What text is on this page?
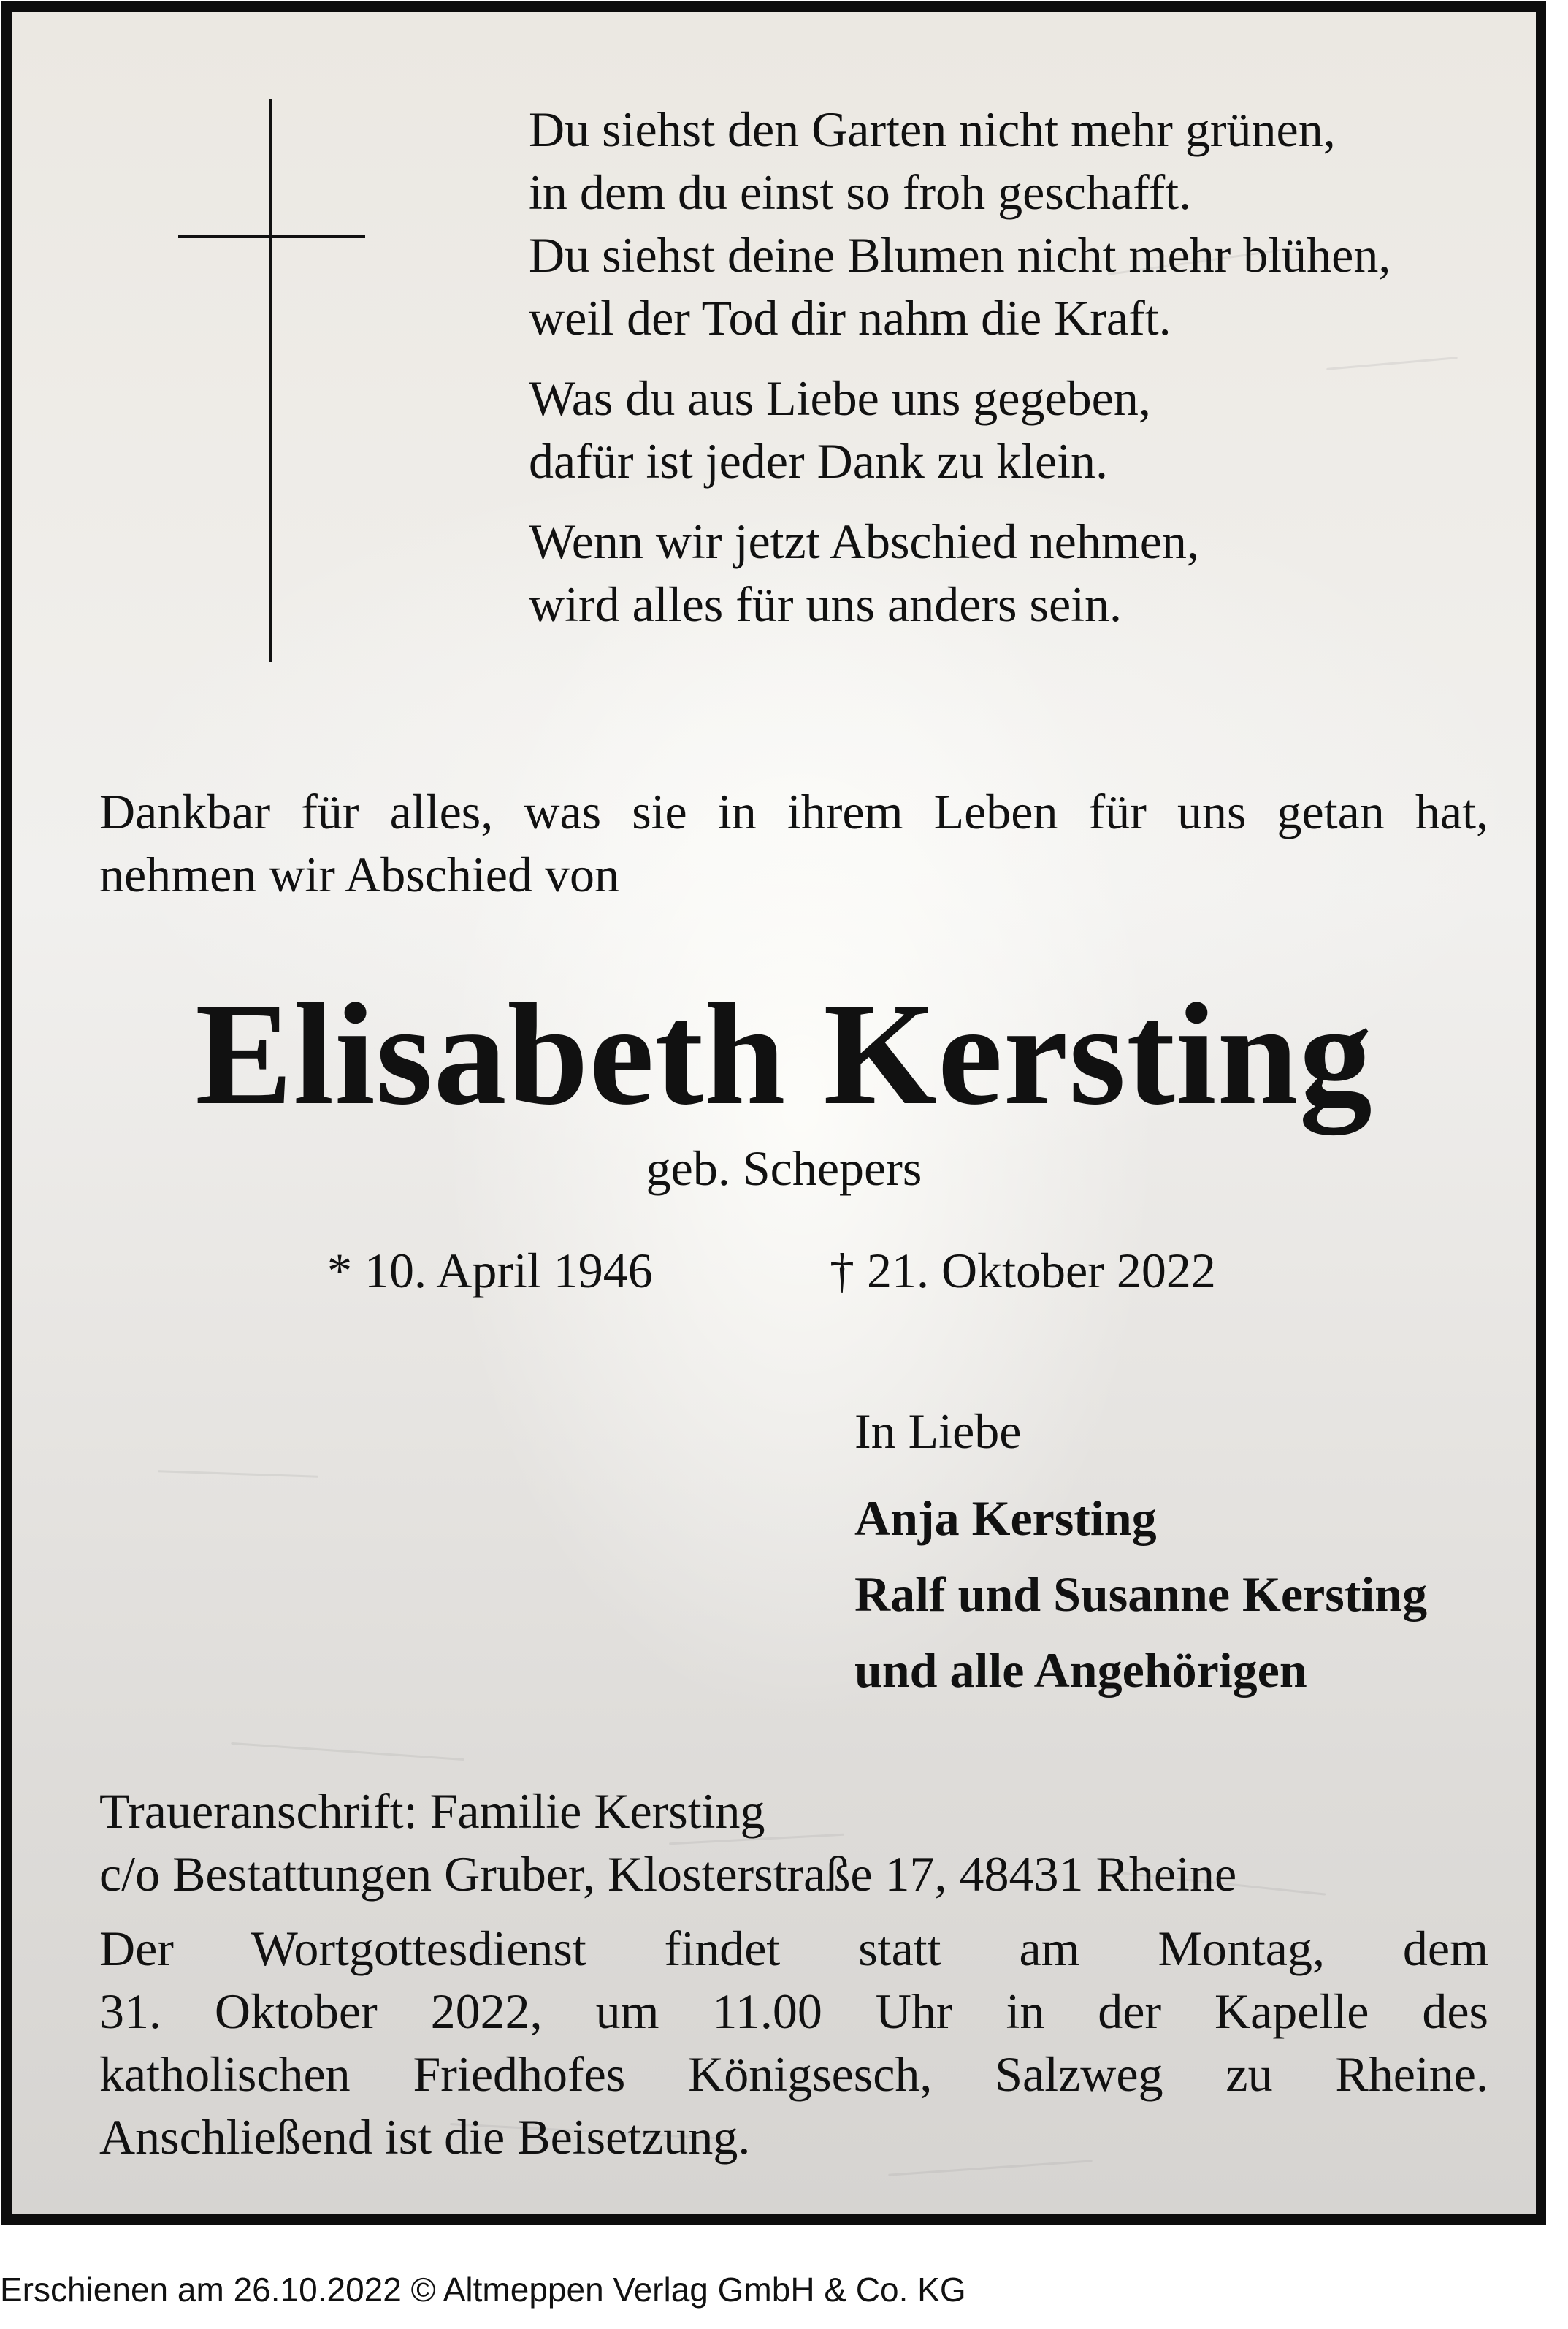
Du siehst den Garten nicht mehr grünen,
in dem du einst so froh geschafft.
Du siehst deine Blumen nicht mehr blühen,
weil der Tod dir nahm die Kraft.
Was du aus Liebe uns gegeben,
dafür ist jeder Dank zu klein.
Wenn wir jetzt Abschied nehmen,
wird alles für uns anders sein.
Dankbar für alles, was sie in ihrem Leben für uns getan hat,
nehmen wir Abschied von
Elisabeth Kersting
geb. Schepers
* 10. April 1946	† 21. Oktober 2022
In Liebe
Anja Kersting
Ralf und Susanne Kersting
und alle Angehörigen
Traueranschrift: Familie Kersting
c/o Bestattungen Gruber, Klosterstraße 17, 48431 Rheine
Der Wortgottesdienst findet statt am Montag, dem
31. Oktober 2022, um 11.00 Uhr in der Kapelle des
katholischen Friedhofes Königsesch, Salzweg zu Rheine.
Anschließend ist die Beisetzung.
Erschienen am 26.10.2022 © Altmeppen Verlag GmbH & Co. KG
